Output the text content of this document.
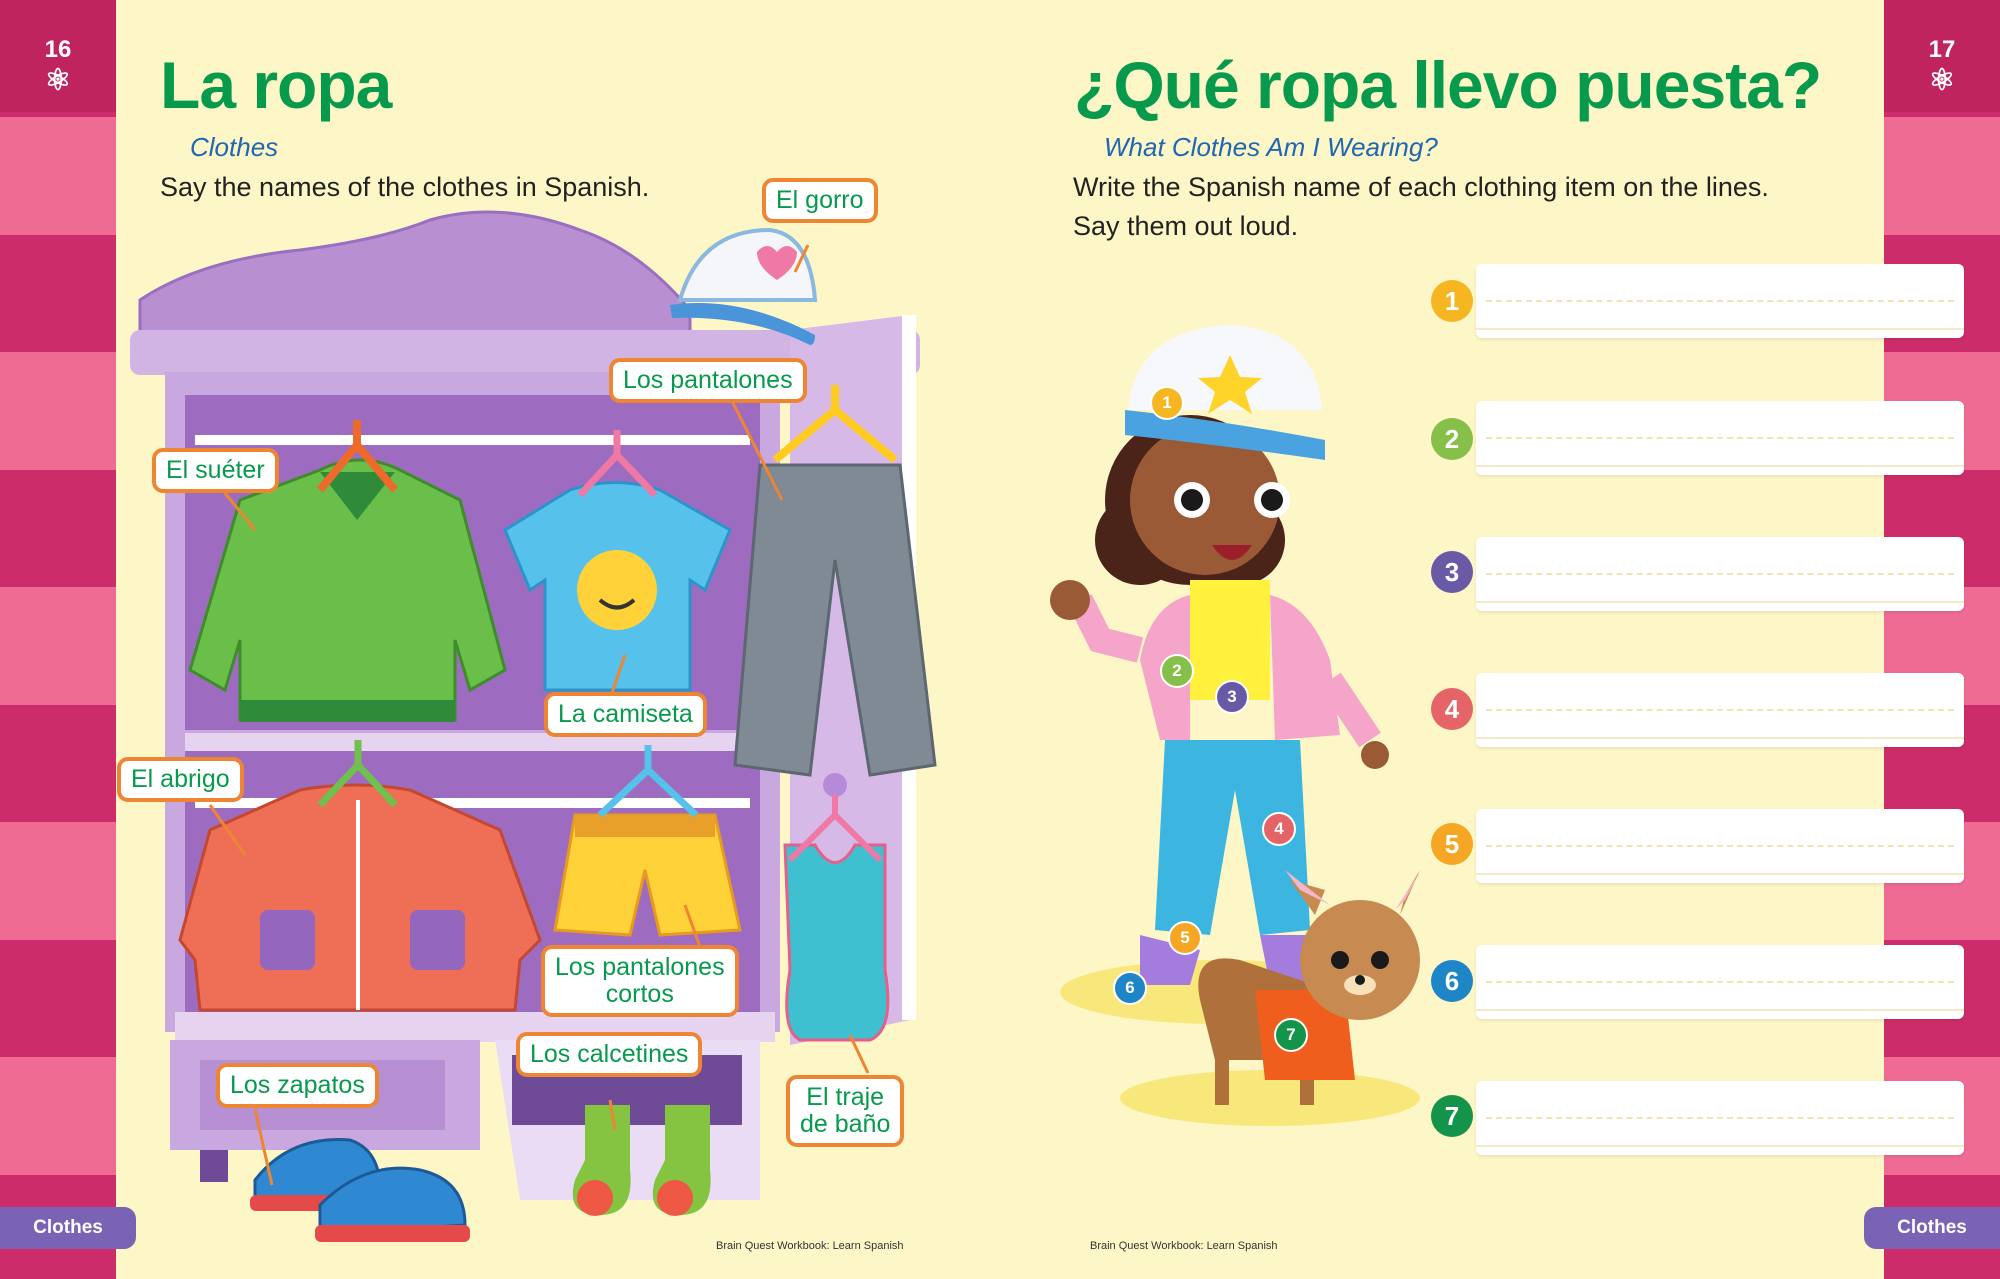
16
⚛
17
⚛
La ropa
Clothes
Say the names of the clothes in Spanish.	El gorro
Los pantalones
El suéter
La camiseta
El abrigo
Los pantalones
cortos
Los calcetines
Los zapatos	El traje
de baño
¿Qué ropa llevo puesta?
What Clothes Am I Wearing?
Write the Spanish name of each clothing item on the lines.
Say them out loud.
1
2
3
4
5
6
7
1
2
3
4
5
6
7
Clothes	Clothes
Brain Quest Workbook: Learn Spanish	Brain Quest Workbook: Learn Spanish
